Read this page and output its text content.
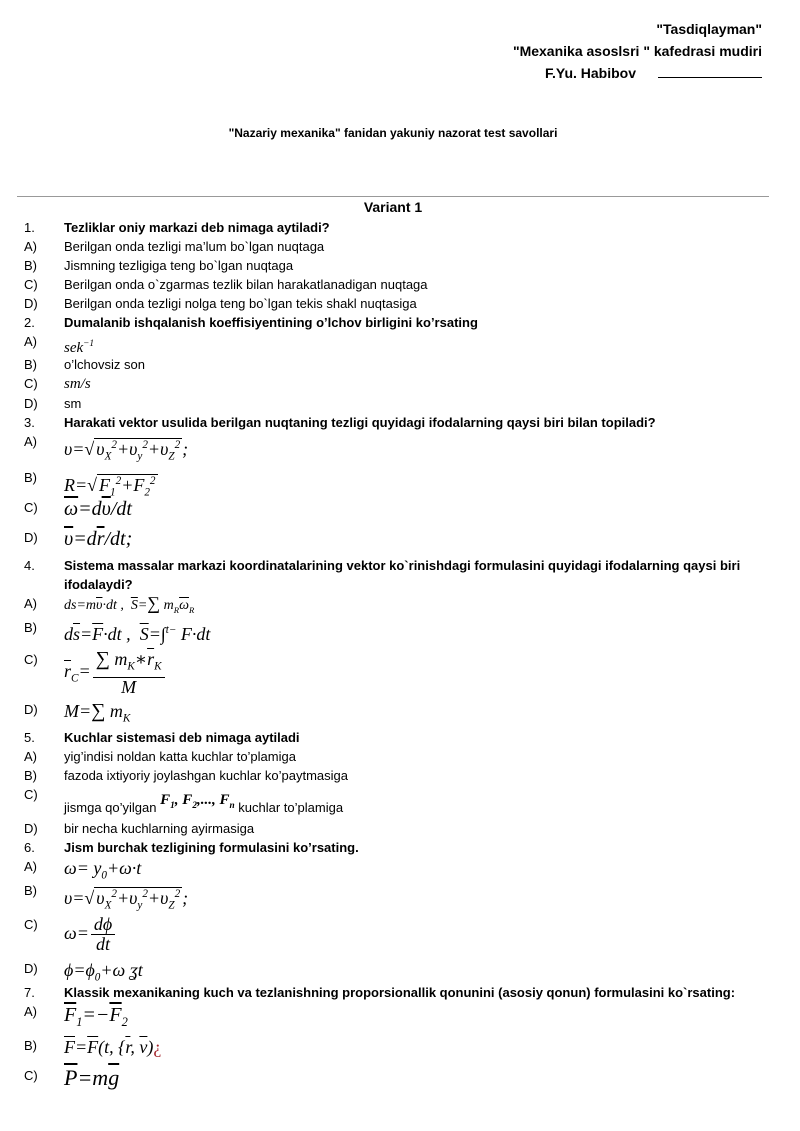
"Tasdiqlayman"
"Mexanika asoslsri " kafedrasi mudiri
F.Yu. Habibov
"Nazariy mexanika" fanidan yakuniy nazorat test savollari
Variant 1
1.	Tezliklar oniy markazi deb nimaga aytiladi?
A)	Berilgan onda tezligi ma’lum bo`lgan nuqtaga
B)	Jismning tezligiga teng bo`lgan nuqtaga
C)	Berilgan onda o`zgarmas tezlik bilan harakatlanadigan nuqtaga
D)	Berilgan onda tezligi nolga teng bo`lgan tekis shakl nuqtasiga
2.	Dumalanib ishqalanish koeffisiyentining o’lchov birligini ko’rsating
A)	sek$^{-1}$
B)	o’lchovsiz son
C)	sm/s
D)	sm
3.	Harakati vektor usulida berilgan nuqtaning tezligi quyidagi ifodalarning qaysi biri bilan topiladi?
A)	υ=√ $\upsilon_X^2+\upsilon_y^2+\upsilon_Z^2$ ;
B)	R=√ $F_1^2+F_2^2$
C)	$\overline{\omega}=d\overline{\upsilon}/dt$
D)	$\overline{\upsilon}=d\overline{r}/dt$;
4.	Sistema massalar markazi koordinatalarining vektor ko`rinishdagi formulasini quyidagi ifodalarning qaysi biri ifodalaydi?
A)	$ds=m\overline{\upsilon}\cdot dt$ ,  $\overline{S}=\sum$ $m_R\overline{\omega}_R$
B)	$d\overline{s}=\overline{F}\cdot dt$ ,  $\overline{S}=\int^{t-}$ F·dt
C)
$\overline{r}_C= \frac{\sum m_K∗\overline{r}_K}{M}$
D)	M=∑ $m_K$
5.	Kuchlar sistemasi deb nimaga aytiladi
A)	yig’indisi noldan katta kuchlar to’plamiga
B)	fazoda ixtiyoriy joylashgan kuchlar ko’paytmasiga
C)
jismga qo’yilgan $F_1$, $F_2$,..., $F_n$ kuchlar to’plamiga
D)	bir necha kuchlarning ayirmasiga
6.	Jism burchak tezligining formulasini ko’rsating.
A)	$\omega= y_0+\omega\cdot t$
B)	υ=√ $\upsilon_X^2+\upsilon_y^2+\upsilon_Z^2$ ;
C)	$\omega= \frac{d\phi}{dt}$
D)	$\phi=\phi_0+\omega$ ʓt
7.	Klassik mexanikaning kuch va tezlanishning proporsionallik qonunini (asosiy qonun) formulasini ko`rsating:
A)	$\overline{F}_1=-\overline{F}_2$
B)	$\overline{F}=\overline{F}(t$, {$\overline{r}$, $\overline{v})¿$
C)	$\overline{P}=m\overline{g}$
